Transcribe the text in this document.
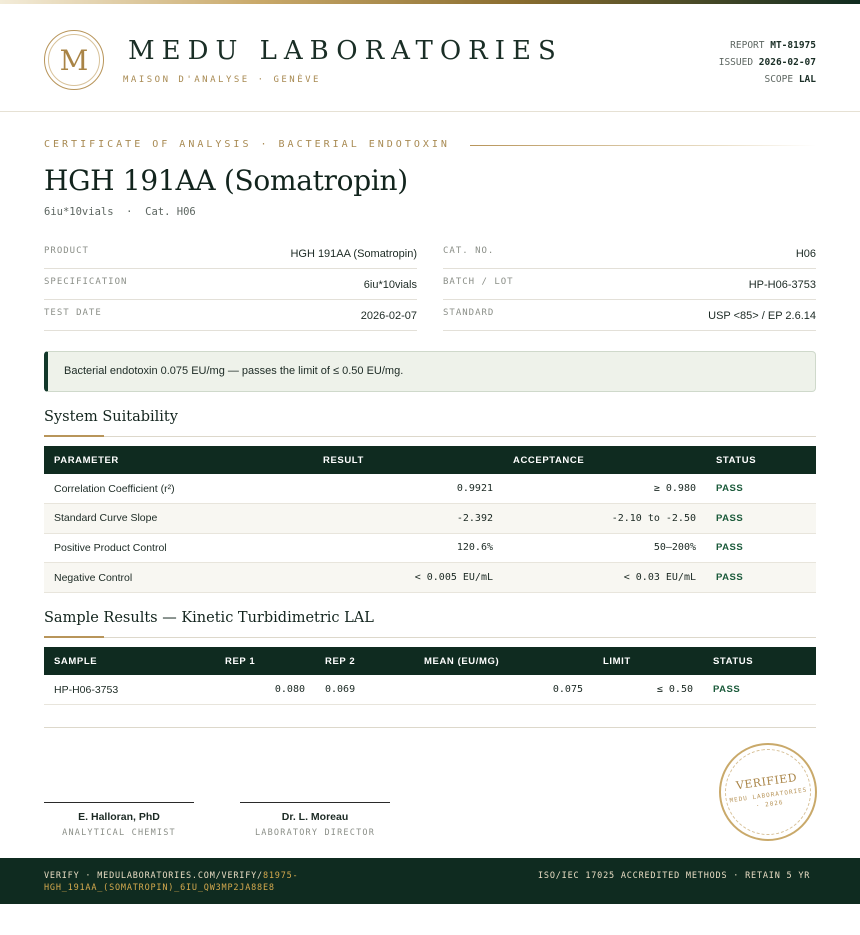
M	MEDU LABORATORIES
MAISON D'ANALYSE · GENÈVE
REPORT MT-81975
ISSUED 2026-02-07
SCOPE LAL
CERTIFICATE OF ANALYSIS · BACTERIAL ENDOTOXIN
HGH 191AA (Somatropin)
6iu*10vials  ·  Cat. H06
PRODUCT	HGH 191AA (Somatropin)
SPECIFICATION	6iu*10vials
TEST DATE	2026-02-07
CAT. NO.	H06
BATCH / LOT	HP-H06-3753
STANDARD	USP <85> / EP 2.6.14
Bacterial endotoxin 0.075 EU/mg — passes the limit of ≤ 0.50 EU/mg.
System Suitability
PARAMETER	RESULT	ACCEPTANCE	STATUS
Correlation Coefficient (r²)	0.9921	≥ 0.980	PASS
Standard Curve Slope	-2.392	-2.10 to -2.50	PASS
Positive Product Control	120.6%	50–200%	PASS
Negative Control	< 0.005 EU/mL	< 0.03 EU/mL	PASS
Sample Results — Kinetic Turbidimetric LAL
SAMPLE	REP 1	REP 2	MEAN (EU/MG)	LIMIT	STATUS
HP-H06-3753	0.080	0.069	0.075	≤ 0.50	PASS
E. Halloran, PhD
ANALYTICAL CHEMIST
Dr. L. Moreau
LABORATORY DIRECTOR
VERIFIED
MEDU LABORATORIES · 2026
VERIFY · MEDULABORATORIES.COM/VERIFY/81975-HGH_191AA_(SOMATROPIN)_6IU_QW3MP2JA88E8
ISO/IEC 17025 ACCREDITED METHODS · RETAIN 5 YR
